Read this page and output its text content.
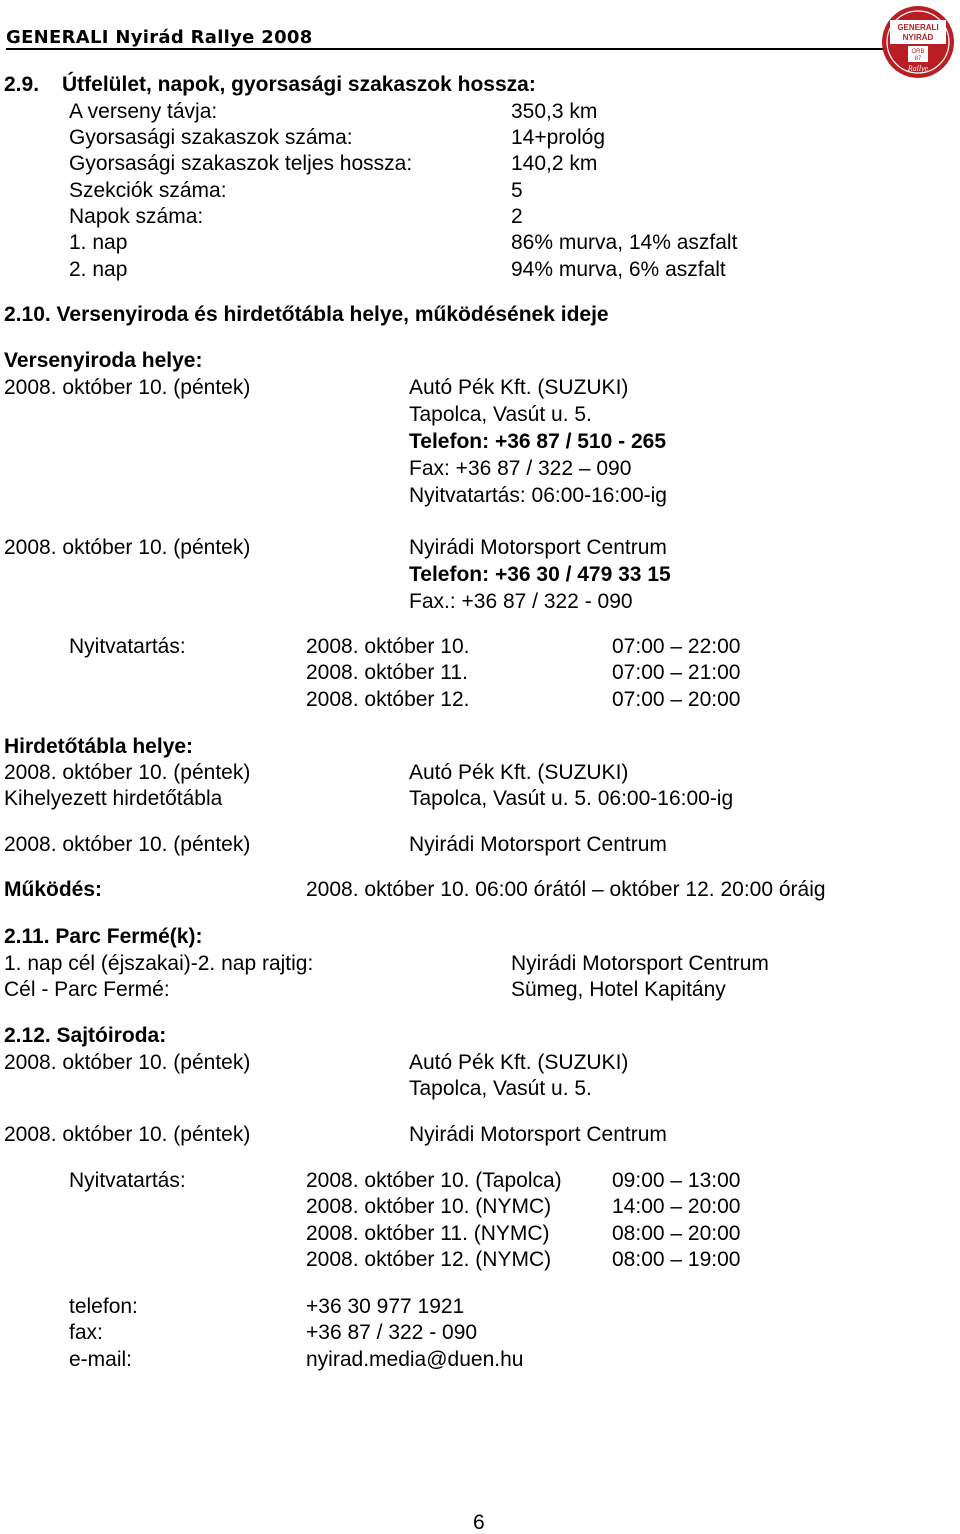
GENERALI Nyirád Rallye 2008	GENERALI
NYIRÁD
ORB
87
Rallye
2.9. Útfelület, napok, gyorsasági szakaszok hossza:
A verseny távja:	350,3 km
Gyorsasági szakaszok száma:	14+prológ
Gyorsasági szakaszok teljes hossza:	140,2 km
Szekciók száma:	5
Napok száma:	2
1. nap	86% murva, 14% aszfalt
2. nap	94% murva, 6% aszfalt
2.10. Versenyiroda és hirdetőtábla helye, működésének ideje
Versenyiroda helye:
2008. október 10. (péntek)	Autó Pék Kft. (SUZUKI)
Tapolca, Vasút u. 5.
Telefon: +36 87 / 510 - 265
Fax: +36 87 / 322 – 090
Nyitvatartás: 06:00-16:00-ig
2008. október 10. (péntek)	Nyirádi Motorsport Centrum
Telefon: +36 30 / 479 33 15
Fax.: +36 87 / 322 - 090
Nyitvatartás:	2008. október 10.	07:00 – 22:00
2008. október 11.	07:00 – 21:00
2008. október 12.	07:00 – 20:00
Hirdetőtábla helye:
2008. október 10. (péntek)	Autó Pék Kft. (SUZUKI)
Kihelyezett hirdetőtábla	Tapolca, Vasút u. 5. 06:00-16:00-ig
2008. október 10. (péntek)	Nyirádi Motorsport Centrum
Működés:	2008. október 10. 06:00 órától – október 12. 20:00 óráig
2.11. Parc Fermé(k):
1. nap cél (éjszakai)-2. nap rajtig:	Nyirádi Motorsport Centrum
Cél - Parc Fermé:	Sümeg, Hotel Kapitány
2.12. Sajtóiroda:
2008. október 10. (péntek)	Autó Pék Kft. (SUZUKI)
Tapolca, Vasút u. 5.
2008. október 10. (péntek)	Nyirádi Motorsport Centrum
Nyitvatartás:	2008. október 10. (Tapolca) 09:00 – 13:00
2008. október 10. (NYMC)	14:00 – 20:00
2008. október 11. (NYMC)	08:00 – 20:00
2008. október 12. (NYMC)	08:00 – 19:00
telefon:	+36 30 977 1921
fax:	+36 87 / 322 - 090
e-mail:	nyirad.media@duen.hu
6
